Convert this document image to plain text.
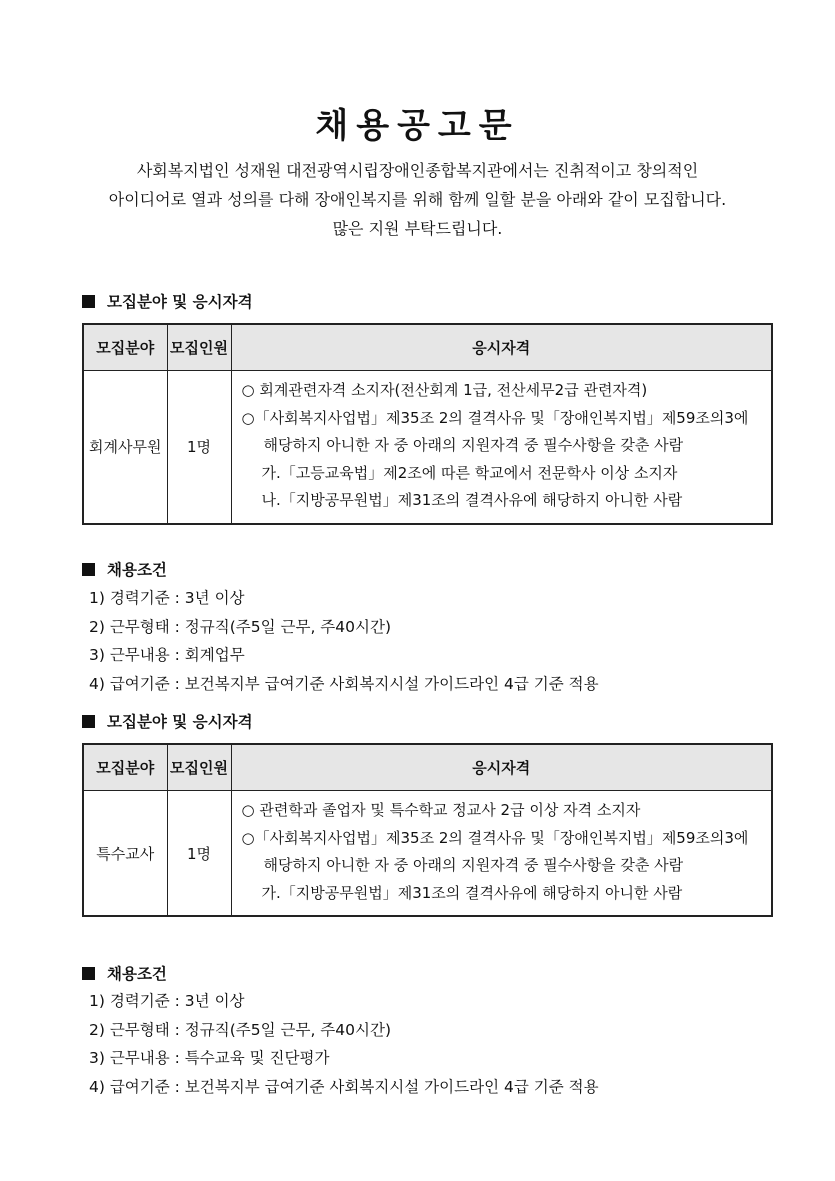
채용공고문
사회복지법인 성재원 대전광역시립장애인종합복지관에서는 진취적이고 창의적인
아이디어로 열과 성의를 다해 장애인복지를 위해 함께 일할 분을 아래와 같이 모집합니다.
많은 지원 부탁드립니다.
모집분야 및 응시자격
모집분야	모집인원	응시자격
회계사무원	1명	○ 회계관련자격 소지자(전산회계 1급, 전산세무2급 관련자격)
○「사회복지사업법」제35조 2의 결격사유 및「장애인복지법」제59조의3에
해당하지 아니한 자 중 아래의 지원자격 중 필수사항을 갖춘 사람
가.「고등교육법」제2조에 따른 학교에서 전문학사 이상 소지자
나.「지방공무원법」제31조의 결격사유에 해당하지 아니한 사람
채용조건
1) 경력기준 : 3년 이상
2) 근무형태 : 정규직(주5일 근무, 주40시간)
3) 근무내용 : 회계업무
4) 급여기준 : 보건복지부 급여기준 사회복지시설 가이드라인 4급 기준 적용
모집분야 및 응시자격
모집분야	모집인원	응시자격
특수교사	1명	○ 관련학과 졸업자 및 특수학교 정교사 2급 이상 자격 소지자
○「사회복지사업법」제35조 2의 결격사유 및「장애인복지법」제59조의3에
해당하지 아니한 자 중 아래의 지원자격 중 필수사항을 갖춘 사람
가.「지방공무원법」제31조의 결격사유에 해당하지 아니한 사람
채용조건
1) 경력기준 : 3년 이상
2) 근무형태 : 정규직(주5일 근무, 주40시간)
3) 근무내용 : 특수교육 및 진단평가
4) 급여기준 : 보건복지부 급여기준 사회복지시설 가이드라인 4급 기준 적용
